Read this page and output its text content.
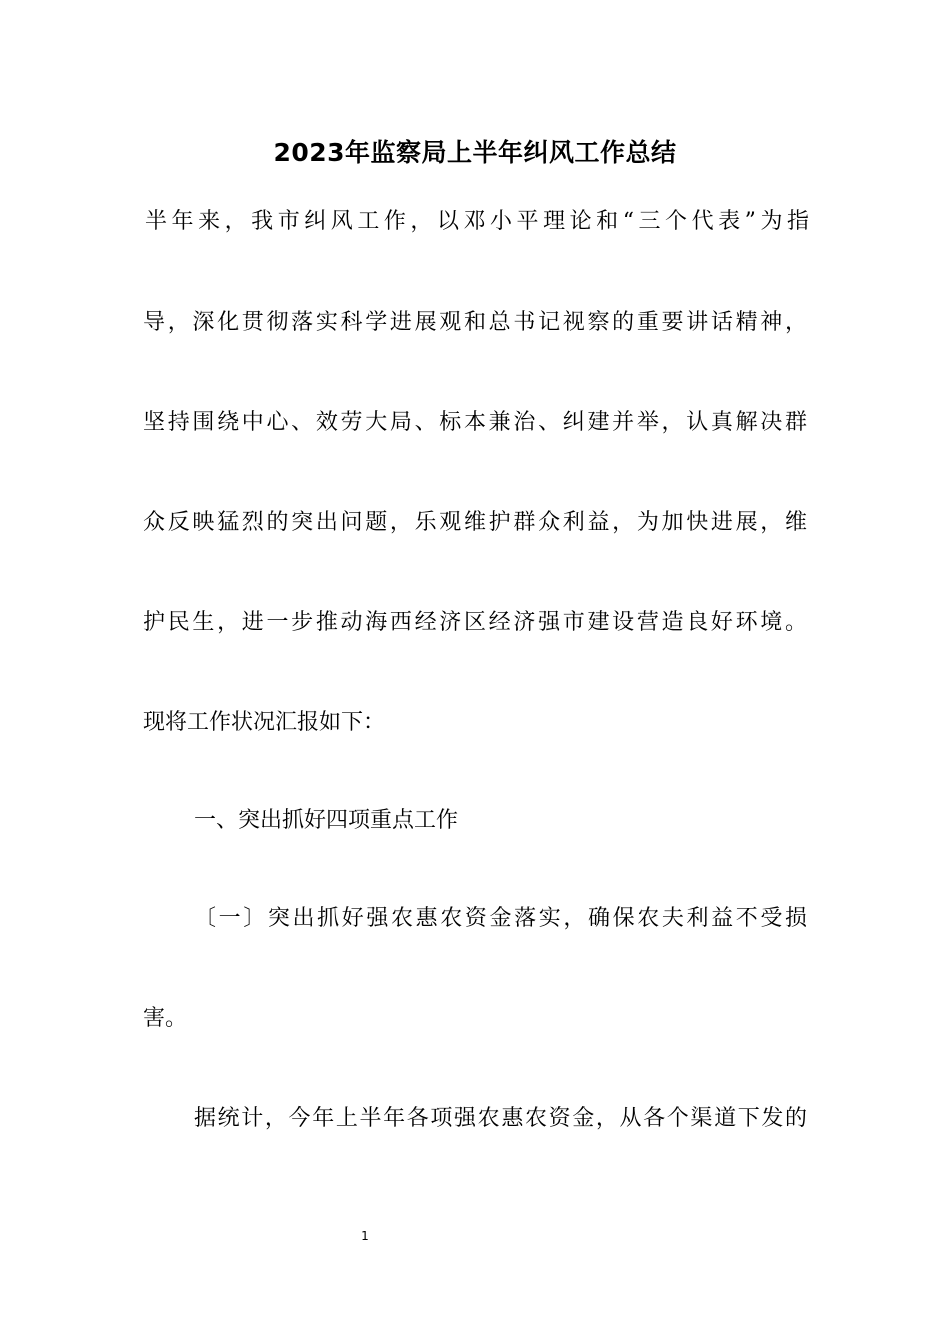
2023年监察局上半年纠风工作总结
半年来，我市纠风工作，以邓小平理论和“三个代表”为指
导，深化贯彻落实科学进展观和总书记视察的重要讲话精神，
坚持围绕中心、效劳大局、标本兼治、纠建并举，认真解决群
众反映猛烈的突出问题，乐观维护群众利益，为加快进展，维
护民生，进一步推动海西经济区经济强市建设营造良好环境。
现将工作状况汇报如下：
一、突出抓好四项重点工作
〔一〕突出抓好强农惠农资金落实，确保农夫利益不受损
害。
据统计，今年上半年各项强农惠农资金，从各个渠道下发的
1
